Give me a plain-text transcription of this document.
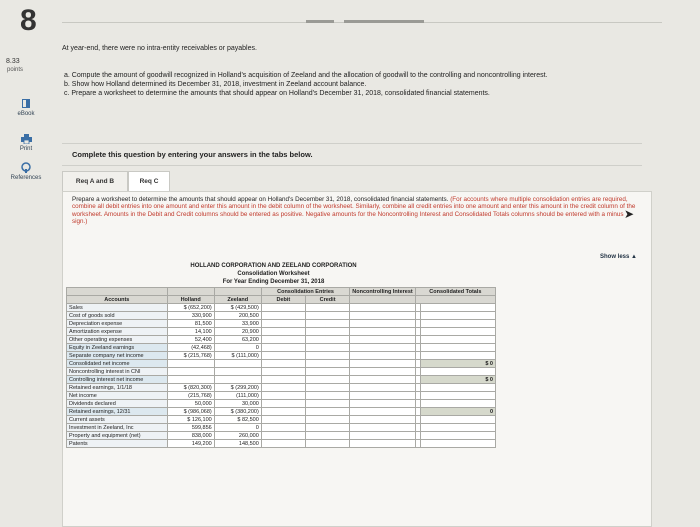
8
8.33
points
eBook
Print
References
At year-end, there were no intra-entity receivables or payables.
a. Compute the amount of goodwill recognized in Holland's acquisition of Zeeland and the allocation of goodwill to the controlling and noncontrolling interest.
b. Show how Holland determined its December 31, 2018, investment in Zeeland account balance.
c. Prepare a worksheet to determine the amounts that should appear on Holland's December 31, 2018, consolidated financial statements.
Complete this question by entering your answers in the tabs below.
Req A and B	Req C
Prepare a worksheet to determine the amounts that should appear on Holland's December 31, 2018, consolidated financial statements. (For accounts where multiple consolidation entries are required, combine all debit entries into one amount and enter this amount in the debit column of the worksheet. Similarly, combine all credit entries into one amount and enter this amount in the credit column of the worksheet. Amounts in the Debit and Credit columns should be entered as positive. Negative amounts for the Noncontrolling Interest and Consolidated Totals columns should be entered with a minus sign.)
➤
Show less ▲
HOLLAND CORPORATION AND ZEELAND CORPORATION
Consolidation Worksheet
For Year Ending December 31, 2018
			Consolidation Entries		Noncontrolling Interest	Consolidated Totals	
Accounts	Holland	Zeeland	Debit	Credit			
Sales	$ (652,200)	$ (429,500)					
Cost of goods sold	330,900	200,500					
Depreciation expense	81,500	33,900					
Amortization expense	14,100	20,900					
Other operating expenses	52,400	63,200					
Equity in Zeeland earnings	(42,468)	0					
Separate company net income	$ (215,768)	$ (111,000)					
Consolidated net income							$ 0
Noncontrolling interest in CNI							
Controlling interest net income							$ 0
Retained earnings, 1/1/18	$ (820,300)	$ (299,200)					
Net income	(215,768)	(111,000)					
Dividends declared	50,000	30,000					
Retained earnings, 12/31	$ (986,068)	$ (380,200)					0
Current assets	$ 126,100	$ 82,500					
Investment in Zeeland, Inc	599,856	0					
Property and equipment (net)	838,000	260,000					
Patents	149,200	148,500					
